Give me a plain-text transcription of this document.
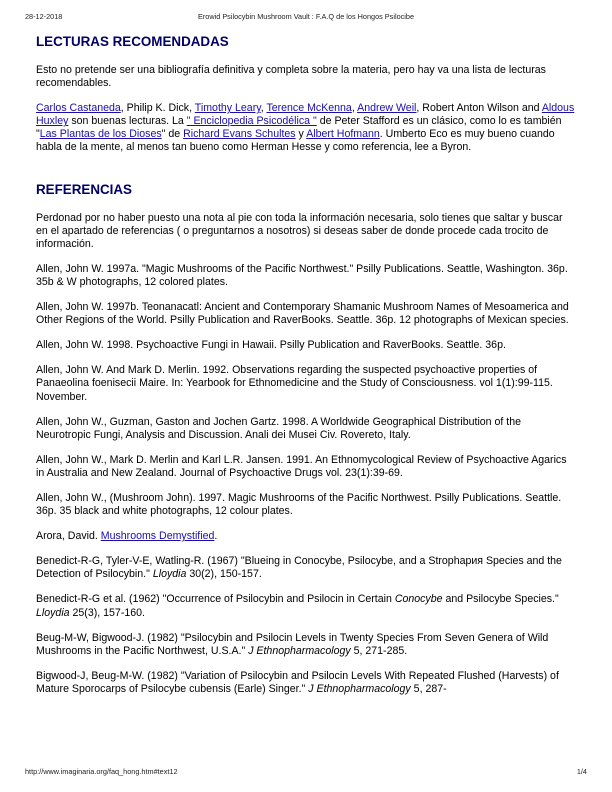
28-12-2018	Erowid Psilocybin Mushroom Vault : F.A.Q de los Hongos Psilocibe
LECTURAS RECOMENDADAS

Esto no pretende ser una bibliografía definitiva y completa sobre la materia, pero hay va una lista de lecturas recomendables.

Carlos Castaneda, Philip K. Dick, Timothy Leary, Terence McKenna, Andrew Weil, Robert Anton Wilson and Aldous Huxley son buenas lecturas. La " Enciclopedia Psicodélica " de Peter Stafford es un clásico, como lo es también "Las Plantas de los Dioses" de Richard Evans Schultes y Albert Hofmann. Umberto Eco es muy bueno cuando habla de la mente, al menos tan bueno como Herman Hesse y como referencia, lee a Byron.

REFERENCIAS

Perdonad por no haber puesto una nota al pie con toda la información necesaria, solo tienes que saltar y buscar en el apartado de referencias ( o preguntarnos a nosotros) si deseas saber de donde procede cada trocito de información.

Allen, John W. 1997a. "Magic Mushrooms of the Pacific Northwest." Psilly Publications. Seattle, Washington. 36p. 35b & W photographs, 12 colored plates.

Allen, John W. 1997b. Teonanacatl: Ancient and Contemporary Shamanic Mushroom Names of Mesoamerica and Other Regions of the World. Psilly Publication and RaverBooks. Seattle. 36p. 12 photographs of Mexican species.

Allen, John W. 1998. Psychoactive Fungi in Hawaii. Psilly Publication and RaverBooks. Seattle. 36p.

Allen, John W. And Mark D. Merlin. 1992. Observations regarding the suspected psychoactive properties of Panaeolina foenisecii Maire. In: Yearbook for Ethnomedicine and the Study of Consciousness. vol 1(1):99-115. November.

Allen, John W., Guzman, Gaston and Jochen Gartz. 1998. A Worldwide Geographical Distribution of the Neurotropic Fungi, Analysis and Discussion. Anali dei Musei Civ. Rovereto, Italy.

Allen, John W., Mark D. Merlin and Karl L.R. Jansen. 1991. An Ethnomycological Review of Psychoactive Agarics in Australia and New Zealand. Journal of Psychoactive Drugs vol. 23(1):39-69.

Allen, John W., (Mushroom John). 1997. Magic Mushrooms of the Pacific Northwest. Psilly Publications. Seattle. 36p. 35 black and white photographs, 12 colour plates.

Arora, David. Mushrooms Demystified.

Benedict-R-G, Tyler-V-E, Watling-R. (1967) "Blueing in Conocybe, Psilocybe, and a Strophария Species and the Detection of Psilocybin." Lloydia 30(2), 150-157.

Benedict-R-G et al. (1962) "Occurrence of Psilocybin and Psilocin in Certain Conocybe and Psilocybe Species." Lloydia 25(3), 157-160.

Beug-M-W, Bigwood-J. (1982) "Psilocybin and Psilocin Levels in Twenty Species From Seven Genera of Wild Mushrooms in the Pacific Northwest, U.S.A." J Ethnopharmacology 5, 271-285.

Bigwood-J, Beug-M-W. (1982) "Variation of Psilocybin and Psilocin Levels With Repeated Flushed (Harvests) of Mature Sporocarps of Psilocybe cubensis (Earle) Singer." J Ethnopharmacology 5, 287-

http://www.imaginaria.org/faq_hong.htm#text12	1/4
